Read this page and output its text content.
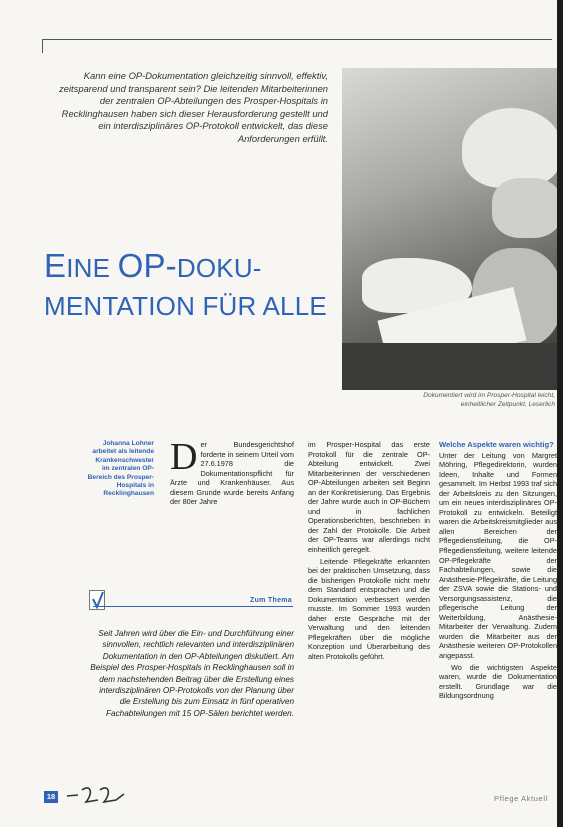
Kann eine OP-Dokumentation gleichzeitig sinnvoll, effektiv, zeitsparend und transparent sein? Die leitenden Mitarbeiterinnen der zentralen OP-Abteilungen des Prosper-Hospitals in Recklinghausen haben sich dieser Herausforderung gestellt und ein interdisziplinäres OP-Protokoll entwickelt, das diese Anforderungen erfüllt.
Dokumentiert wird im Prosper-Hospital leicht, einheitlicher Zeitpunkt, Leserlich
EINE OP-DOKU-
MENTATION FÜR ALLE
Johanna Lohner arbeitet als leitende Krankenschwester im zentralen OP-Bereich des Prosper-Hospitals in Recklinghausen
D er Bundesgerichtshof forderte in seinem Urteil vom 27.6.1978 die Dokumentationspflicht für Ärzte und Krankenhäuser. Aus diesem Grunde wurde bereits Anfang der 80er Jahre

im Prosper-Hospital das erste Protokoll für die zentrale OP-Abteilung entwickelt. Zwei Mitarbeiterinnen der verschiedenen OP-Abteilungen arbeiten seit Beginn an der Konkretisierung. Das Ergebnis der Jahre wurde auch in OP-Büchern und in fachlichen Operationsberichten, beschrieben in der Zahl der Protokolle. Die Arbeit der OP-Teams war allerdings nicht einheitlich geregelt.

Leitende Pflegekräfte erkannten bei der praktischen Umsetzung, dass die bisherigen Protokolle nicht mehr dem Standard entsprachen und die Dokumentation verbessert werden musste. Im Sommer 1993 wurden daher erste Gespräche mit der Verwaltung und den leitenden Pflegekräften über die mögliche Konzeption und Überarbeitung des alten Protokolls geführt.

Welche Aspekte waren wichtig?

Unter der Leitung von Margret Möhring, Pflegedirektorin, wurden Ideen, Inhalte und Formen gesammelt. Im Herbst 1993 traf sich der Arbeitskreis zu den Sitzungen, um ein neues interdisziplinäres OP-Protokoll zu entwickeln. Beteiligt waren die Arbeitskreismitglieder aus allen Bereichen der Pflegedienstleitung, die OP-Pflegedienstleitung, weitere leitende OP-Pflegekräfte der Fachabteilungen, sowie die Anästhesie-Pflegekräfte, die Leitung der ZSVA sowie die Stations- und Versorgungsassistenz, die pflegerische Leitung der Weiterbildung, Anästhesie-Mitarbeiter der Verwaltung. Zudem wurden die Mitarbeiter aus der Anästhesie weiteren OP-Protokollen angepasst.

Wo die wichtigsten Aspekte waren, wurde die Dokumentation erstellt. Grundlage war die Bildungsordnung

Zum Thema
Seit Jahren wird über die Ein- und Durchführung einer sinnvollen, rechtlich relevanten und interdisziplinären Dokumentation in den OP-Abteilungen diskutiert. Am Beispiel des Prosper-Hospitals in Recklinghausen soll in dem nachstehenden Beitrag über die Erstellung eines interdisziplinären OP-Protokolls von der Planung über die Erstellung bis zum Einsatz in fünf operativen Fachabteilungen mit 15 OP-Sälen berichtet werden.
18	Pflege Aktuell
